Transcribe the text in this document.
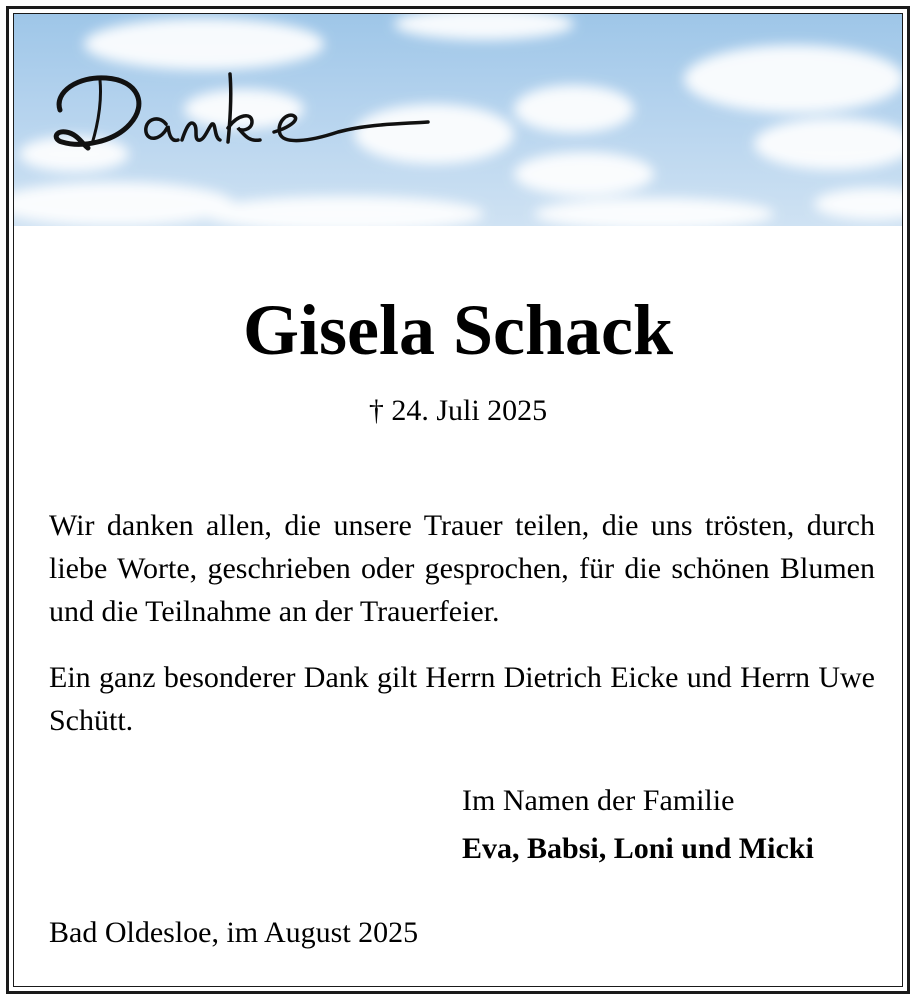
Gisela Schack
† 24. Juli 2025
Wir danken allen, die unsere Trauer teilen, die uns trösten, durch liebe Worte, geschrieben oder gesprochen, für die schönen Blumen und die Teilnahme an der Trauerfeier.
Ein ganz besonderer Dank gilt Herrn Dietrich Eicke und Herrn Uwe Schütt.
Im Namen der Familie
Eva, Babsi, Loni und Micki
Bad Oldesloe, im August 2025
